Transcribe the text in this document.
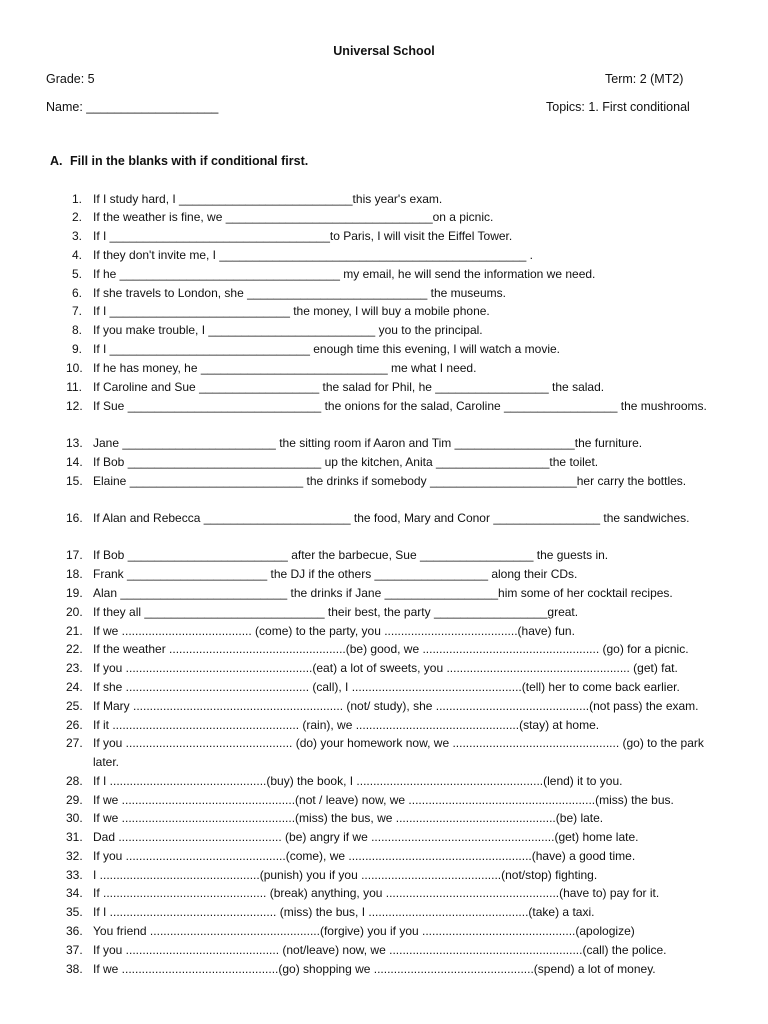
Universal School
Grade: 5	Term: 2 (MT2)
Name: ___________________	Topics: 1. First conditional
A. Fill in the blanks with if conditional first.
1. If I study hard, I __________________________this year's exam.
2. If the weather is fine, we _______________________________on a picnic.
3. If I _________________________________to Paris, I will visit the Eiffel Tower.
4. If they don't invite me, I ______________________________________________ .
5. If he _________________________________ my email, he will send the information we need.
6. If she travels to London, she ___________________________ the museums.
7. If I ___________________________ the money, I will buy a mobile phone.
8. If you make trouble, I _________________________ you to the principal.
9. If I ______________________________ enough time this evening, I will watch a movie.
10. If he has money, he ____________________________ me what I need.
11. If Caroline and Sue __________________ the salad for Phil, he _________________ the salad.
12. If Sue _____________________________ the onions for the salad, Caroline _________________ the mushrooms.
13. Jane _______________________ the sitting room if Aaron and Tim __________________the furniture.
14. If Bob _____________________________ up the kitchen, Anita _________________the toilet.
15. Elaine __________________________ the drinks if somebody ______________________her carry the bottles.
16. If Alan and Rebecca ______________________ the food, Mary and Conor ________________ the sandwiches.
17. If Bob ________________________ after the barbecue, Sue _________________ the guests in.
18. Frank _____________________ the DJ if the others _________________ along their CDs.
19. Alan _________________________ the drinks if Jane _________________him some of her cocktail recipes.
20. If they all ___________________________ their best, the party _________________great.
21. If we ....................................... (come) to the party, you ........................................(have) fun.
22. If the weather .....................................................(be) good, we ..................................................... (go) for a picnic.
23. If you ........................................................(eat) a lot of sweets, you ....................................................... (get) fat.
24. If she ....................................................... (call), I ...................................................(tell) her to come back earlier.
25. If Mary ............................................................... (not/ study), she ..............................................(not pass) the exam.
26. If it ........................................................ (rain), we .................................................(stay) at home.
27. If you .................................................. (do) your homework now, we .................................................. (go) to the park later.
28. If I ...............................................(buy) the book, I ........................................................(lend) it to you.
29. If we ....................................................(not / leave) now, we ........................................................(miss) the bus.
30. If we ....................................................(miss) the bus, we ................................................(be) late.
31. Dad ................................................. (be) angry if we .......................................................(get) home late.
32. If you ................................................(come), we .......................................................(have) a good time.
33. I ................................................(punish) you if you ..........................................(not/stop) fighting.
34. If ................................................. (break) anything, you ....................................................(have to) pay for it.
35. If I .................................................. (miss) the bus, I ................................................(take) a taxi.
36. You friend ...................................................(forgive) you if you ..............................................(apologize)
37. If you .............................................. (not/leave) now, we ..........................................................(call) the police.
38. If we ...............................................(go) shopping we ................................................(spend) a lot of money.
